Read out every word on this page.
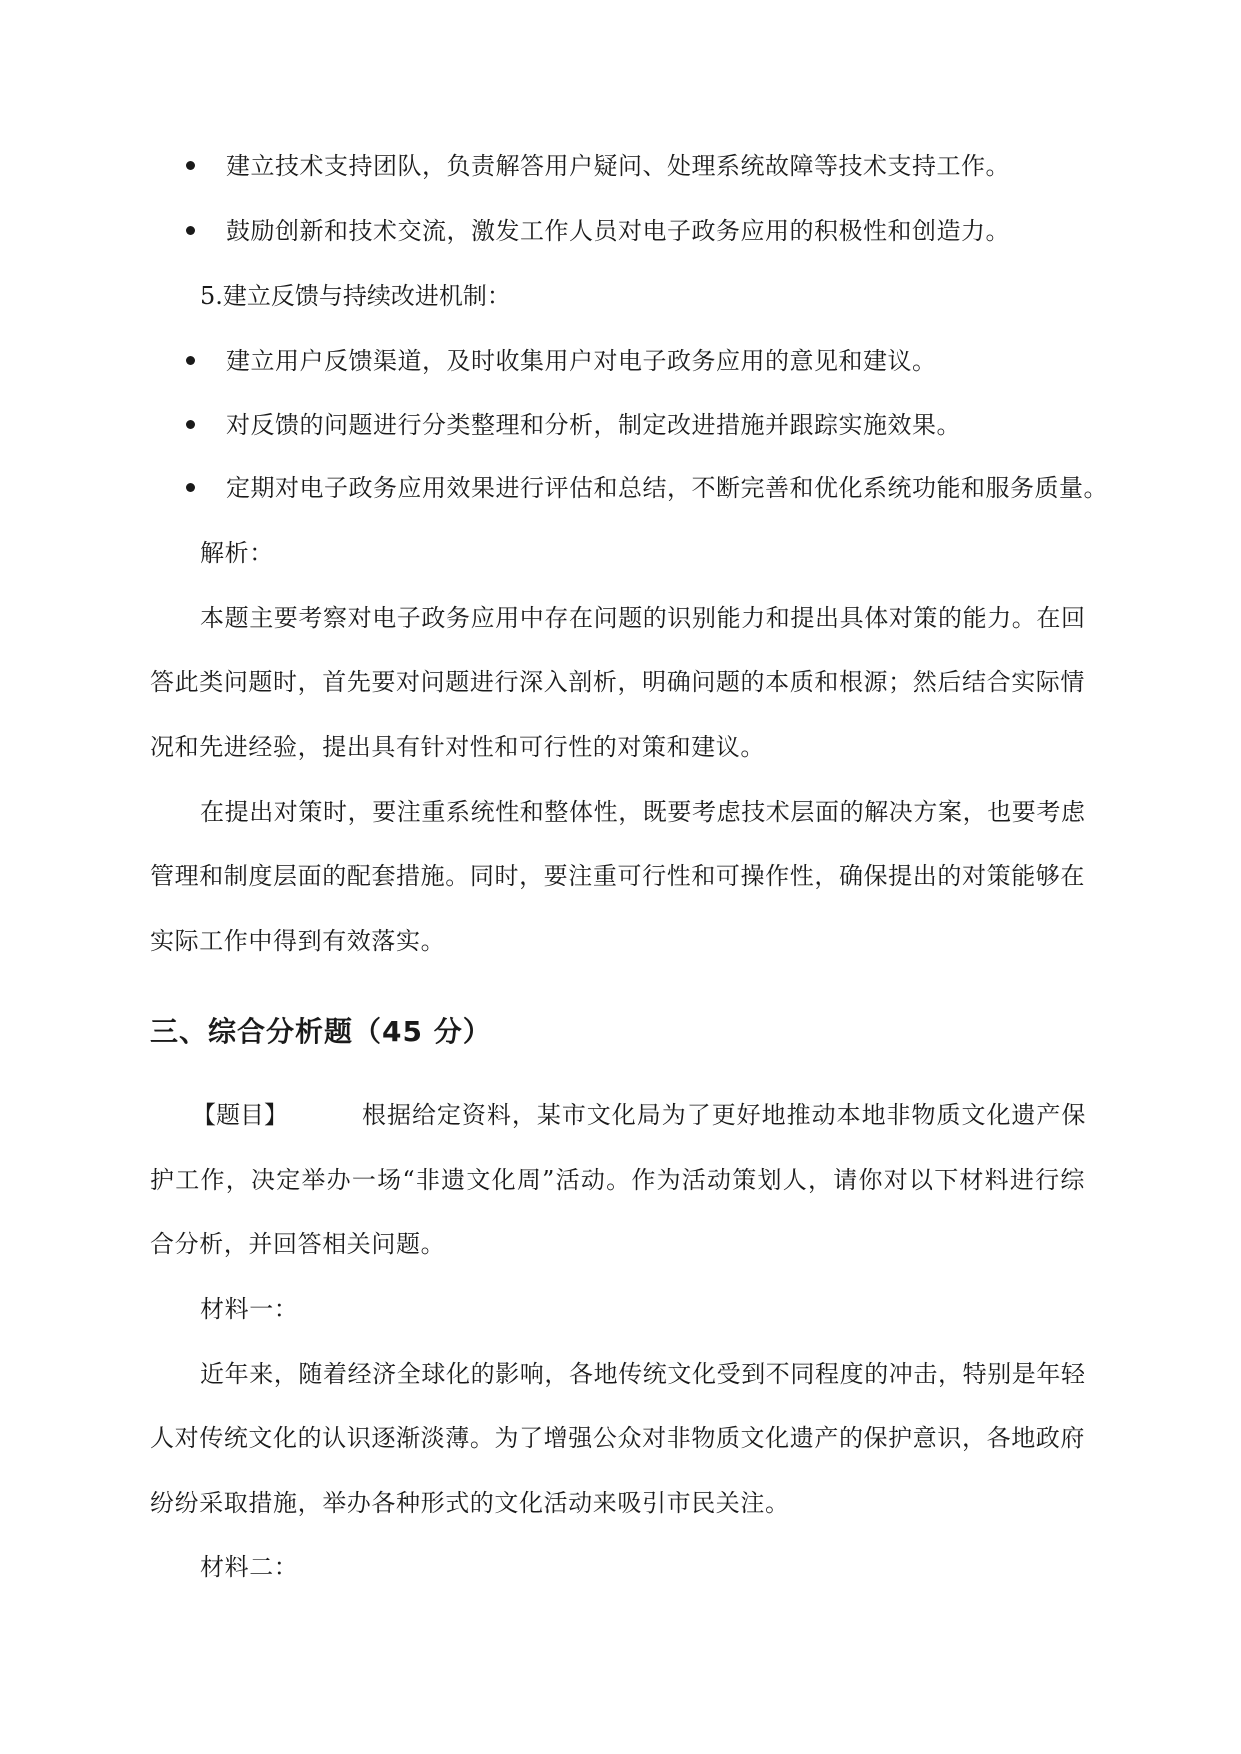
建立技术支持团队，负责解答用户疑问、处理系统故障等技术支持工作。
鼓励创新和技术交流，激发工作人员对电子政务应用的积极性和创造力。
5.建立反馈与持续改进机制：
建立用户反馈渠道，及时收集用户对电子政务应用的意见和建议。
对反馈的问题进行分类整理和分析，制定改进措施并跟踪实施效果。
定期对电子政务应用效果进行评估和总结，不断完善和优化系统功能和服务质量。
解析：
本题主要考察对电子政务应用中存在问题的识别能力和提出具体对策的能力。在回
答此类问题时，首先要对问题进行深入剖析，明确问题的本质和根源；然后结合实际情
况和先进经验，提出具有针对性和可行性的对策和建议。
在提出对策时，要注重系统性和整体性，既要考虑技术层面的解决方案，也要考虑
管理和制度层面的配套措施。同时，要注重可行性和可操作性，确保提出的对策能够在
实际工作中得到有效落实。
三、综合分析题（45 分）
【题目】	根据给定资料，某市文化局为了更好地推动本地非物质文化遗产保
护工作，决定举办一场“非遗文化周”活动。作为活动策划人，请你对以下材料进行综
合分析，并回答相关问题。
材料一：
近年来，随着经济全球化的影响，各地传统文化受到不同程度的冲击，特别是年轻
人对传统文化的认识逐渐淡薄。为了增强公众对非物质文化遗产的保护意识，各地政府
纷纷采取措施，举办各种形式的文化活动来吸引市民关注。
材料二：
